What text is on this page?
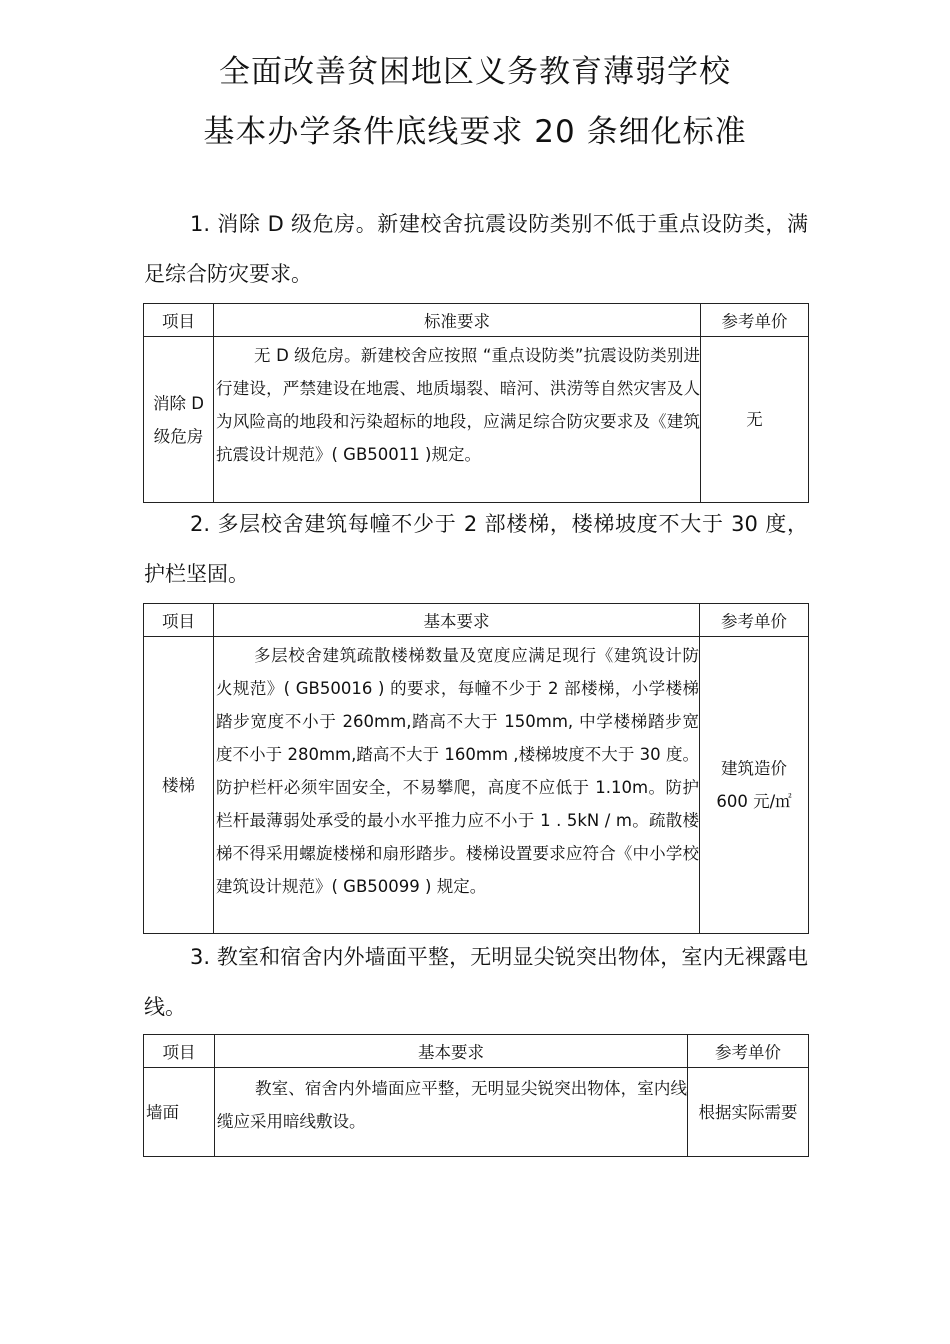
全面改善贫困地区义务教育薄弱学校
基本办学条件底线要求 20 条细化标准
1. 消除 D 级危房。新建校舍抗震设防类别不低于重点设防类，满足综合防灾要求。
项目	标准要求	参考单价
消除 D 级危房	无 D 级危房。新建校舍应按照 “重点设防类”抗震设防类别进行建设，严禁建设在地震、地质塌裂、暗河、洪涝等自然灾害及人为风险高的地段和污染超标的地段，应满足综合防灾要求及《建筑抗震设计规范》( GB50011 )规定。	无
2. 多层校舍建筑每幢不少于 2 部楼梯，楼梯坡度不大于 30 度，护栏坚固。
项目	基本要求	参考单价
楼梯	多层校舍建筑疏散楼梯数量及宽度应满足现行《建筑设计防火规范》( GB50016 ) 的要求，每幢不少于 2 部楼梯，小学楼梯踏步宽度不小于 260mm,踏高不大于 150mm, 中学楼梯踏步宽度不小于 280mm,踏高不大于 160mm ,楼梯坡度不大于 30 度。防护栏杆必须牢固安全，不易攀爬，高度不应低于 1.10m。防护栏杆最薄弱处承受的最小水平推力应不小于 1 . 5kN / m。疏散楼梯不得采用螺旋楼梯和扇形踏步。楼梯设置要求应符合《中小学校建筑设计规范》( GB50099 ) 规定。	建筑造价 600 元/㎡
3. 教室和宿舍内外墙面平整，无明显尖锐突出物体，室内无裸露电线。
项目	基本要求	参考单价
墙面	教室、宿舍内外墙面应平整，无明显尖锐突出物体，室内线缆应采用暗线敷设。	根据实际需要
